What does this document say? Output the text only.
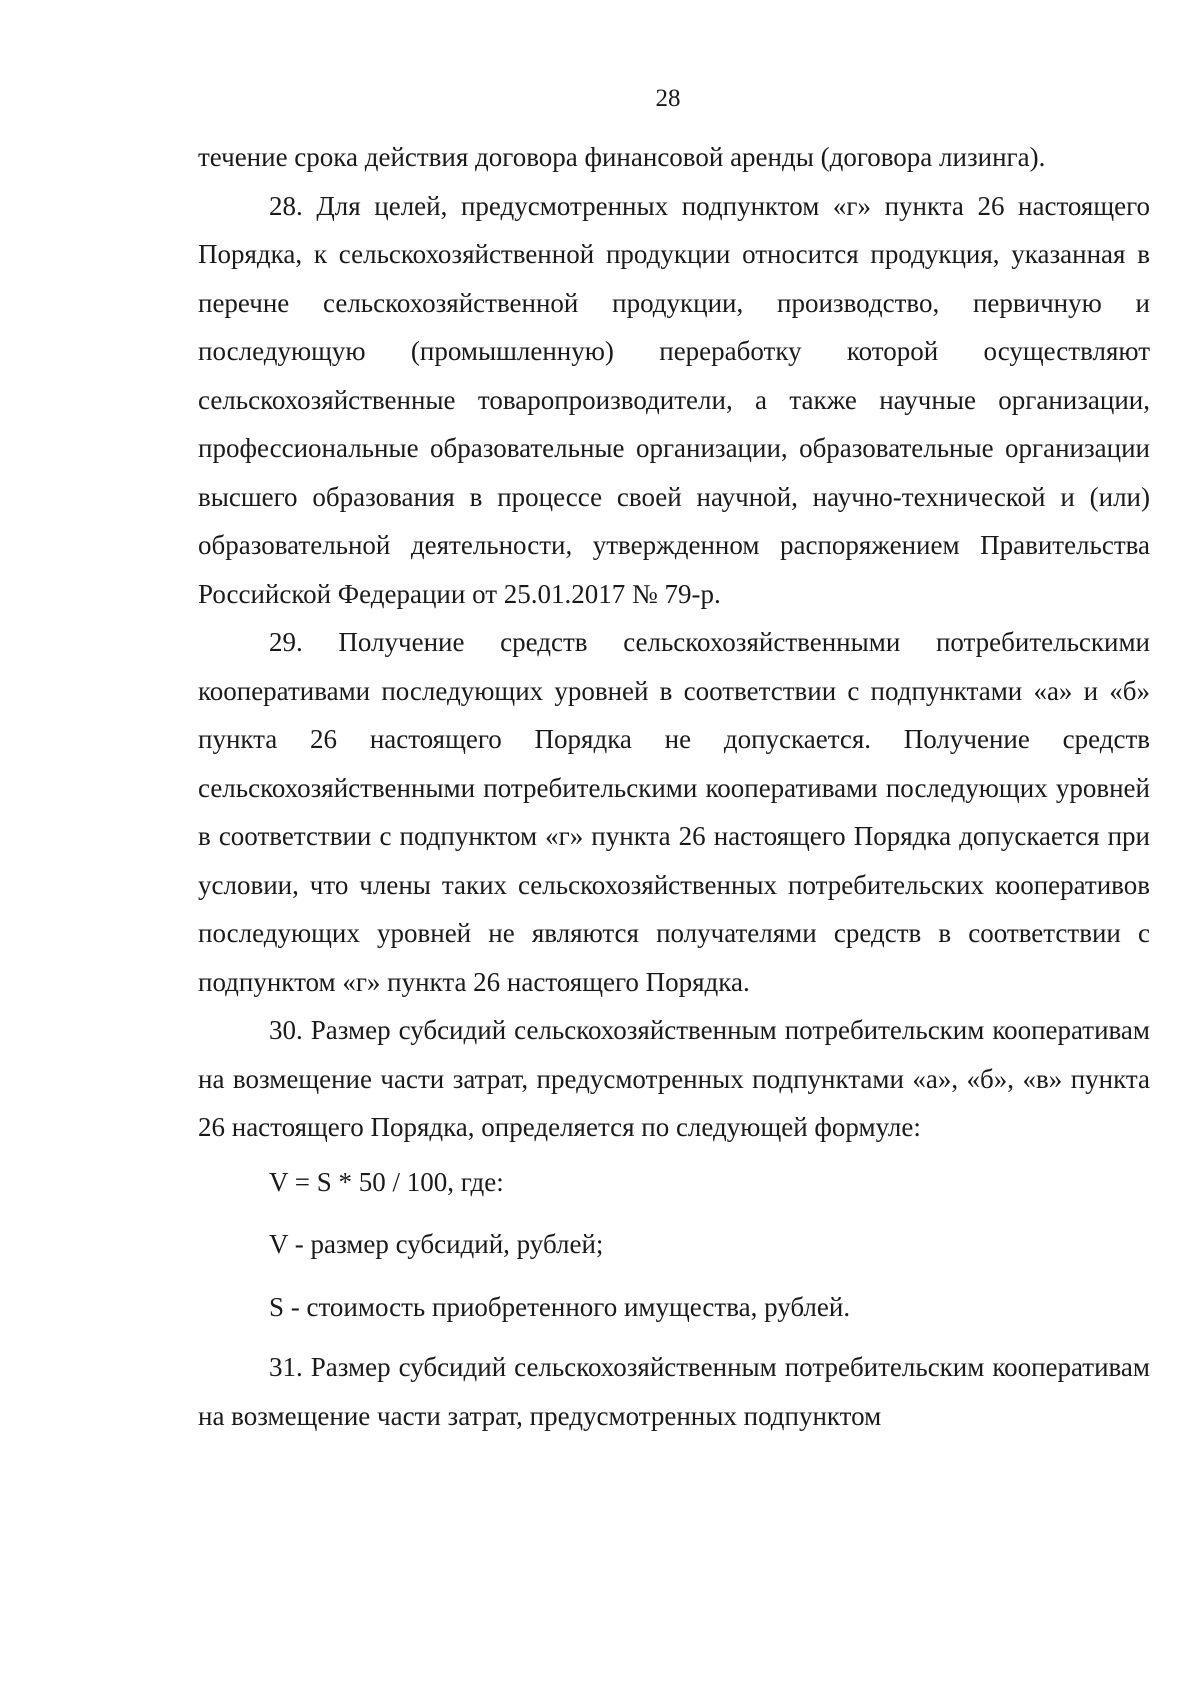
28

течение срока действия договора финансовой аренды (договора лизинга).

28. Для целей, предусмотренных подпунктом «г» пункта 26 настоящего Порядка, к сельскохозяйственной продукции относится продукция, указанная в перечне сельскохозяйственной продукции, производство, первичную и последующую (промышленную) переработку которой осуществляют сельскохозяйственные товаропроизводители, а также научные организации, профессиональные образовательные организации, образовательные организации высшего образования в процессе своей научной, научно-технической и (или) образовательной деятельности, утвержденном распоряжением Правительства Российской Федерации от 25.01.2017 № 79-р.

29. Получение средств сельскохозяйственными потребительскими кооперативами последующих уровней в соответствии с подпунктами «а» и «б» пункта 26 настоящего Порядка не допускается. Получение средств сельскохозяйственными потребительскими кооперативами последующих уровней в соответствии с подпунктом «г» пункта 26 настоящего Порядка допускается при условии, что члены таких сельскохозяйственных потребительских кооперативов последующих уровней не являются получателями средств в соответствии с подпунктом «г» пункта 26 настоящего Порядка.

30. Размер субсидий сельскохозяйственным потребительским кооперативам на возмещение части затрат, предусмотренных подпунктами «а», «б», «в» пункта 26 настоящего Порядка, определяется по следующей формуле:

V = S * 50 / 100, где:

V - размер субсидий, рублей;

S - стоимость приобретенного имущества, рублей.

31. Размер субсидий сельскохозяйственным потребительским кооперативам на возмещение части затрат, предусмотренных подпунктом
